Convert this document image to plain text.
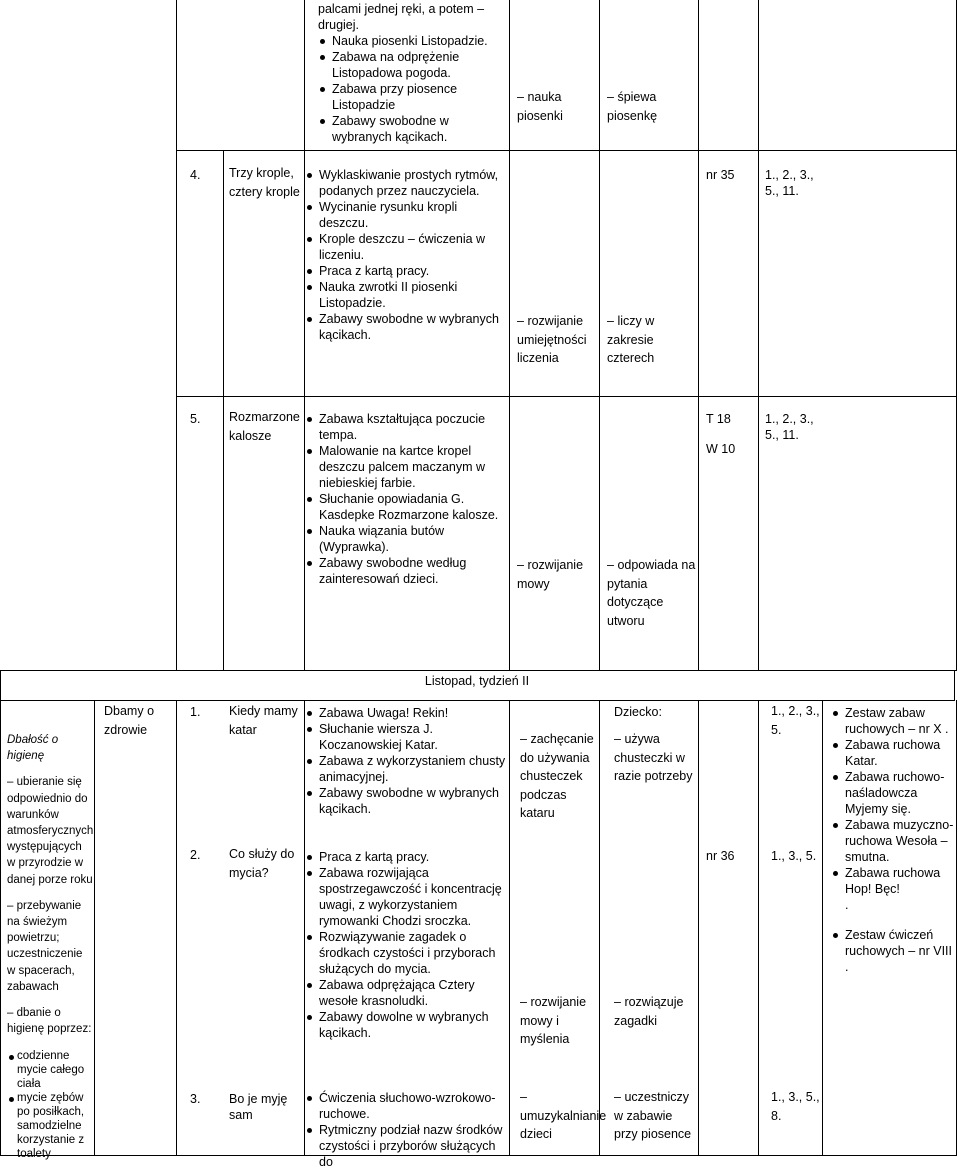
palcami jednej ręki, a potem – drugiej.
Nauka piosenki Listopadzie.
Zabawa na odprężenie Listopadowa pogoda.
Zabawa przy piosence Listopadzie
Zabawy swobodne w wybranych kącikach.
– nauka piosenki
– śpiewa piosenkę
4. Trzy krople, cztery krople
Wyklaskiwanie prostych rytmów, podanych przez nauczyciela.
Wycinanie rysunku kropli deszczu.
Krople deszczu – ćwiczenia w liczeniu.
Praca z kartą pracy.
Nauka zwrotki II piosenki Listopadzie.
Zabawy swobodne w wybranych kącikach.
– rozwijanie umiejętności liczenia
– liczy w zakresie czterech
nr 35 1., 2., 3., 5., 11.
5. Rozmarzone kalosze
Zabawa kształtująca poczucie tempa.
Malowanie na kartce kropel deszczu palcem maczanym w niebieskiej farbie.
Słuchanie opowiadania G. Kasdepke Rozmarzone kalosze.
Nauka wiązania butów (Wyprawka).
Zabawy swobodne według zainteresowań dzieci.
– rozwijanie mowy
– odpowiada na pytania dotyczące utworu
T 18
W 10
1., 2., 3., 5., 11.
Listopad, tydzień II
Dbałość o higienę
– ubieranie się odpowiednio do warunków atmosferycznych występujących w przyrodzie w danej porze roku
– przebywanie na świeżym powietrzu; uczestniczenie w spacerach, zabawach
– dbanie o higienę poprzez:
codzienne mycie całego ciała
mycie zębów po posiłkach, samodzielne korzystanie z toalety
Dbamy o zdrowie
1. Kiedy mamy katar
Zabawa Uwaga! Rekin!
Słuchanie wiersza J. Koczanowskiej Katar.
Zabawa z wykorzystaniem chusty animacyjnej.
Zabawy swobodne w wybranych kącikach.
– zachęcanie do używania chusteczek podczas kataru
Dziecko:
– używa chusteczki w razie potrzeby
1., 2., 3., 5.
2. Co służy do mycia?
Praca z kartą pracy.
Zabawa rozwijająca spostrzegawczość i koncentrację uwagi, z wykorzystaniem rymowanki Chodzi sroczka.
Rozwiązywanie zagadek o środkach czystości i przyborach służących do mycia.
Zabawa odprężająca Cztery wesołe krasnoludki.
Zabawy dowolne w wybranych kącikach.
– rozwijanie mowy i myślenia
– rozwiązuje zagadki
nr 36	1., 3., 5.
3. Bo je myję sam
Ćwiczenia słuchowo-wzrokowo-ruchowe.
Rytmiczny podział nazw środków czystości i przyborów służących do
– umuzykalnianie dzieci
– uczestniczy w zabawie przy piosence
1., 3., 5., 8.
Zestaw zabaw ruchowych – nr X .
Zabawa ruchowa Katar.
Zabawa ruchowo-naśladowcza Myjemy się.
Zabawa muzyczno-ruchowa Wesoła – smutna.
Zabawa ruchowa Hop! Bęc!
.
Zestaw ćwiczeń ruchowych – nr VIII .
